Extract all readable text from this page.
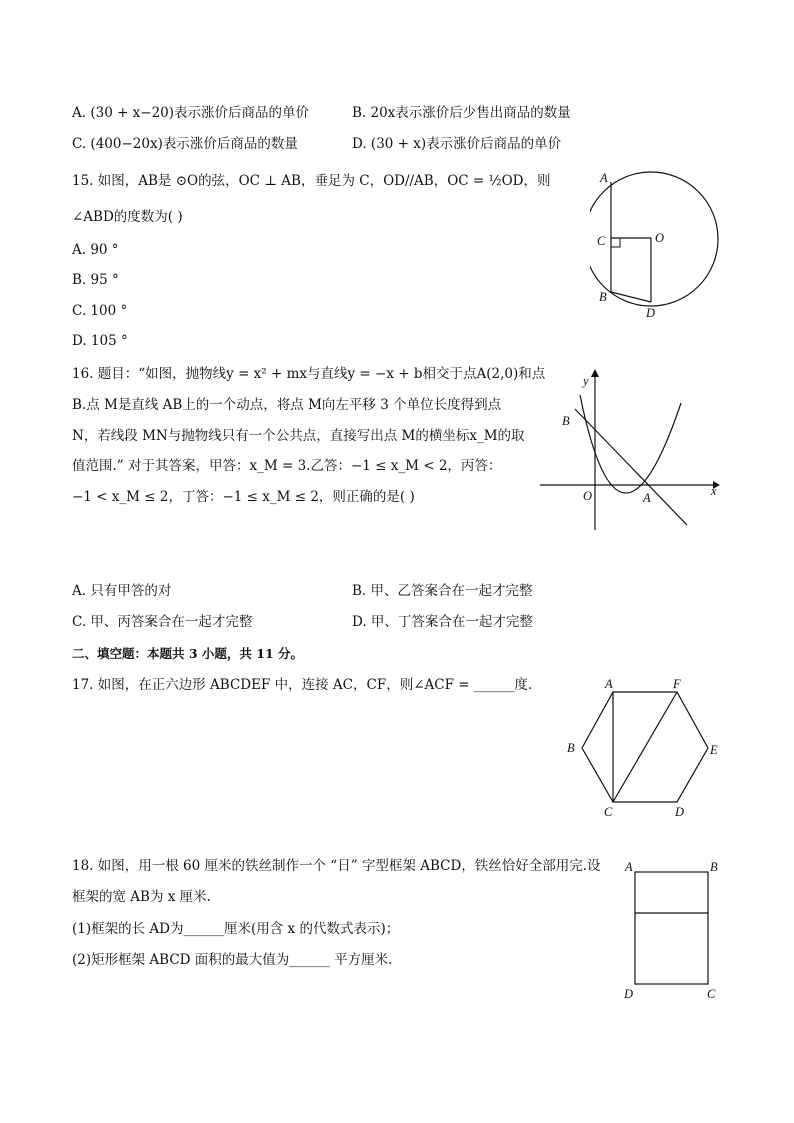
A. (30 + x−20)表示涨价后商品的单价	B. 20x表示涨价后少售出商品的数量
C. (400−20x)表示涨价后商品的数量	D. (30 + x)表示涨价后商品的单价
15. 如图，AB是 ⊙O的弦，OC ⊥ AB，垂足为 C，OD//AB，OC = ½OD，则
∠ABD的度数为( )
A. 90 °
B. 95 °
C. 100 °
D. 105 °
A
C	O
B
D
16. 题目：“如图，抛物线y = x² + mx与直线y = −x + b相交于点A(2,0)和点
B.点 M是直线 AB上的一个动点，将点 M向左平移 3 个单位长度得到点
N，若线段 MN与抛物线只有一个公共点，直接写出点 M的横坐标x_M的取
值范围.” 对于其答案，甲答：x_M = 3.乙答：−1 ≤ x_M < 2，丙答：
−1 < x_M ≤ 2，丁答：−1 ≤ x_M ≤ 2，则正确的是( )
y
x
B
O	A
A. 只有甲答的对	B. 甲、乙答案合在一起才完整
C. 甲、丙答案合在一起才完整	D. 甲、丁答案合在一起才完整
二、填空题：本题共 3 小题，共 11 分。
17. 如图，在正六边形 ABCDEF 中，连接 AC，CF，则∠ACF = ______度.	A	F
B	E
C	D
18. 如图，用一根 60 厘米的铁丝制作一个 “日” 字型框架 ABCD，铁丝恰好全部用完.设
框架的宽 AB为 x 厘米.
(1)框架的长 AD为______厘米(用含 x 的代数式表示)；
(2)矩形框架 ABCD 面积的最大值为______ 平方厘米.
A	B
D	C
